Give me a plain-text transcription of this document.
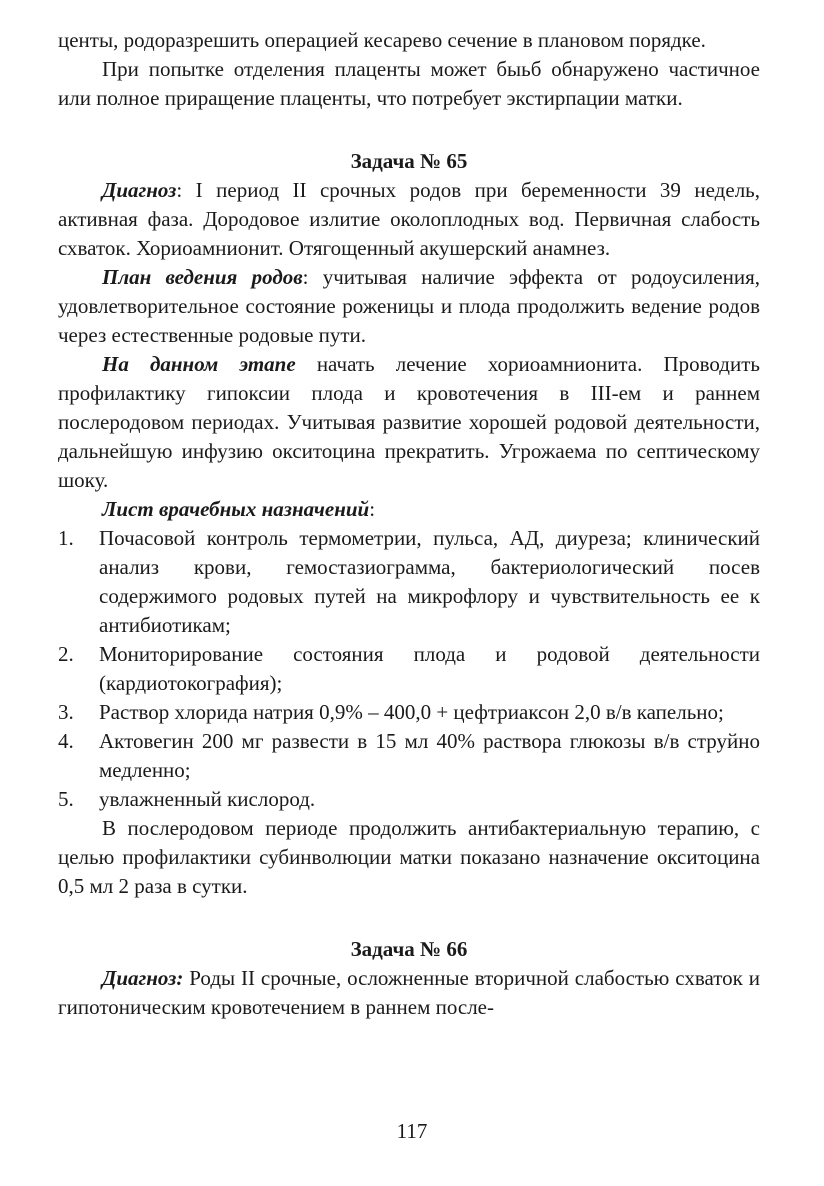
центы, родоразрешить операцией кесарево сечение в плановом порядке.

При попытке отделения плаценты может быьб обнаружено частичное или полное приращение плаценты, что потребует экстирпации матки.

Задача № 65

Диагноз: I период II срочных родов при беременности 39 недель, активная фаза. Дородовое излитие околоплодных вод. Первичная слабость схваток. Хориоамнионит. Отягощенный акушерский анамнез.

План ведения родов: учитывая наличие эффекта от родоусиления, удовлетворительное состояние роженицы и плода продолжить ведение родов через естественные родовые пути.

На данном этапе начать лечение хориоамнионита. Проводить профилактику гипоксии плода и кровотечения в III-ем и раннем послеродовом периодах. Учитывая развитие хорошей родовой деятельности, дальнейшую инфузию окситоцина прекратить. Угрожаема по септическому шоку.

Лист врачебных назначений:

1. Почасовой контроль термометрии, пульса, АД, диуреза; клинический анализ крови, гемостазиограмма, бактериологический посев содержимого родовых путей на микрофлору и чувствительность ее к антибиотикам;
2. Мониторирование состояния плода и родовой деятельности (кардиотокография);
3. Раствор хлорида натрия 0,9% – 400,0 + цефтриаксон 2,0 в/в капельно;
4. Актовегин 200 мг развести в 15 мл 40% раствора глюкозы в/в струйно медленно;
5. увлажненный кислород.

В послеродовом периоде продолжить антибактериальную терапию, с целью профилактики субинволюции матки показано назначение окситоцина 0,5 мл 2 раза в сутки.

Задача № 66

Диагноз: Роды II срочные, осложненные вторичной слабостью схваток и гипотоническим кровотечением в раннем после-

117
